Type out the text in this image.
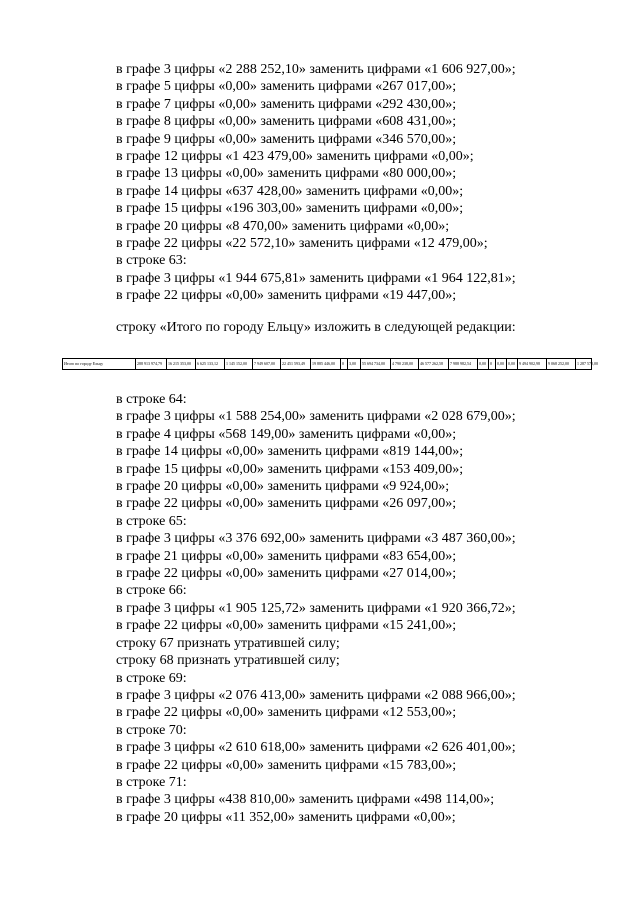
в графе 3 цифры «2 288 252,10» заменить цифрами «1 606 927,00»;
в графе 5 цифры «0,00» заменить цифрами «267 017,00»;
в графе 7 цифры «0,00» заменить цифрами «292 430,00»;
в графе 8 цифры «0,00» заменить цифрами «608 431,00»;
в графе 9 цифры «0,00» заменить цифрами «346 570,00»;
в графе 12 цифры «1 423 479,00» заменить цифрами «0,00»;
в графе 13 цифры «0,00» заменить цифрами «80 000,00»;
в графе 14 цифры «637 428,00» заменить цифрами «0,00»;
в графе 15 цифры «196 303,00» заменить цифрами «0,00»;
в графе 20 цифры «8 470,00» заменить цифрами «0,00»;
в графе 22 цифры «22 572,10» заменить цифрами «12 479,00»;
в строке 63:
в графе 3 цифры «1 944 675,81» заменить цифрами «1 964 122,81»;
в графе 22 цифры «0,00» заменить цифрами «19 447,00»;
строку «Итого по городу Ельцу» изложить в следующей редакции:
Итого по городу Ельцу	288 913 974,79	16 215 353,00	6 625 133,12	1 145 152,00	7 949 607,00	22 451 593,49	19 885 446,00	0	3,00	55 694 734,00	4 790 238,00	46 577 262,58	7 988 982,54	0,00	0	0,00	0,00	9 494 902,98	9 068 252,00	1 287 570,00
в строке 64:
в графе 3 цифры «1 588 254,00» заменить цифрами «2 028 679,00»;
в графе 4 цифры «568 149,00» заменить цифрами «0,00»;
в графе 14 цифры «0,00» заменить цифрами «819 144,00»;
в графе 15 цифры «0,00» заменить цифрами «153 409,00»;
в графе 20 цифры «0,00» заменить цифрами «9 924,00»;
в графе 22 цифры «0,00» заменить цифрами «26 097,00»;
в строке 65:
в графе 3 цифры «3 376 692,00» заменить цифрами «3 487 360,00»;
в графе 21 цифры «0,00» заменить цифрами «83 654,00»;
в графе 22 цифры «0,00» заменить цифрами «27 014,00»;
в строке 66:
в графе 3 цифры «1 905 125,72» заменить цифрами «1 920 366,72»;
в графе 22 цифры «0,00» заменить цифрами «15 241,00»;
строку 67 признать утратившей силу;
строку 68 признать утратившей силу;
в строке 69:
в графе 3 цифры «2 076 413,00» заменить цифрами «2 088 966,00»;
в графе 22 цифры «0,00» заменить цифрами «12 553,00»;
в строке 70:
в графе 3 цифры «2 610 618,00» заменить цифрами «2 626 401,00»;
в графе 22 цифры «0,00» заменить цифрами «15 783,00»;
в строке 71:
в графе 3 цифры «438 810,00» заменить цифрами «498 114,00»;
в графе 20 цифры «11 352,00» заменить цифрами «0,00»;
